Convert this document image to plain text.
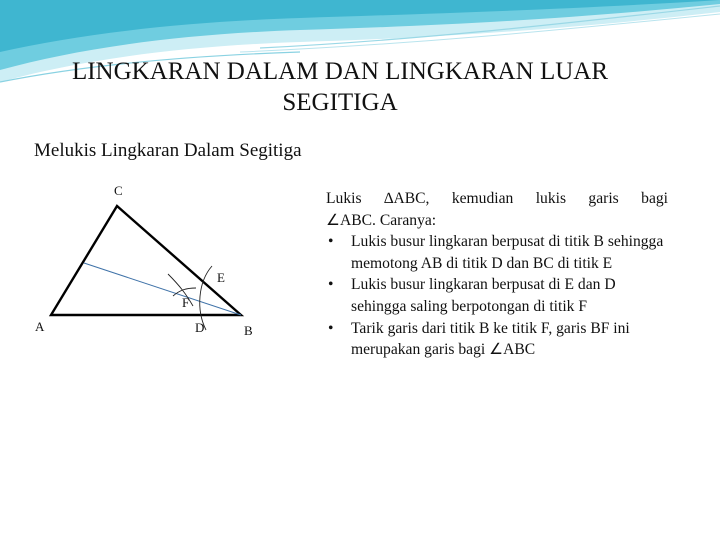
LINGKARAN DALAM DAN LINGKARAN LUAR SEGITIGA
Melukis Lingkaran Dalam Segitiga
C
E
F
A	D	B
Lukis ∆ABC, kemudian lukis garis bagi
∠ABC. Caranya:
• Lukis busur lingkaran berpusat di titik B sehingga memotong AB di titik D dan BC di titik E
• Lukis busur lingkaran berpusat di E dan D sehingga saling berpotongan di titik F
• Tarik garis dari titik B ke titik F, garis BF ini merupakan garis bagi ∠ABC
